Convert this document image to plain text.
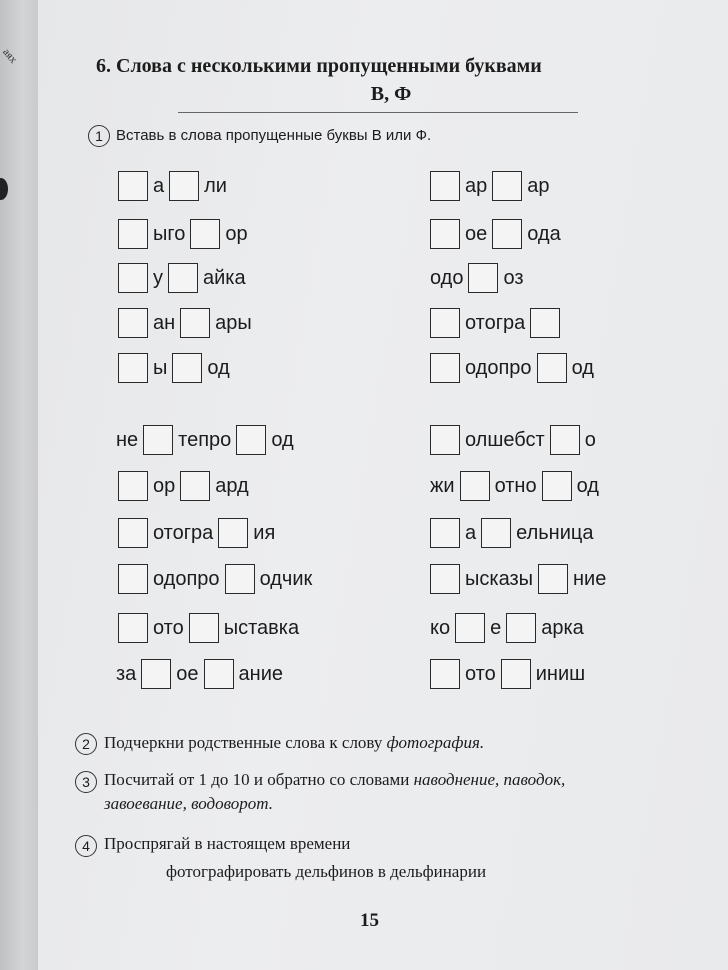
аях	6. Слова с несколькими пропущенными буквами
В, Ф
1 Вставь в слова пропущенные буквы В или Ф.
а ли	ар ар
ыго ор	ое ода
у айка	одо оз
ан ары	отогра
ы од	одопро од
не тепро од	олшебст о
ор ард	жи отно од
отогра ия	а ельница
одопро одчик	ысказы ние
ото ыставка	ко е арка
за ое ание	ото иниш
2 Подчеркни родственные слова к слову фотография.
3 Посчитай от 1 до 10 и обратно со словами наводнение, паводок,
завоевание, водоворот.
4 Проспрягай в настоящем времени
фотографировать дельфинов в дельфинарии
15
